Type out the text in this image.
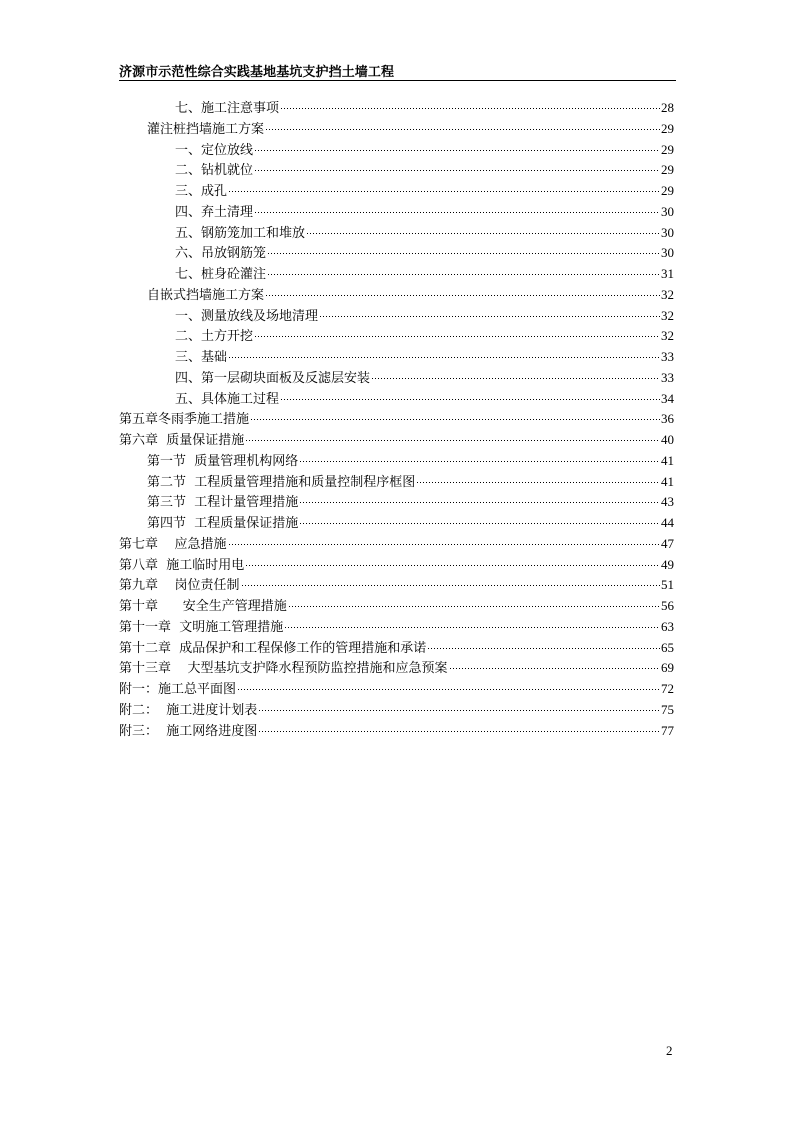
济源市示范性综合实践基地基坑支护挡土墙工程
七、施工注意事项	28
灌注桩挡墙施工方案	29
一、定位放线	29
二、钻机就位	29
三、成孔	29
四、弃土清理	30
五、钢筋笼加工和堆放	30
六、吊放钢筋笼	30
七、桩身砼灌注	31
自嵌式挡墙施工方案	32
一、测量放线及场地清理	32
二、土方开挖	32
三、基础	33
四、第一层砌块面板及反滤层安装	33
五、具体施工过程	34
第五章冬雨季施工措施	36
第六章  质量保证措施	40
第一节  质量管理机构网络	41
第二节  工程质量管理措施和质量控制程序框图	41
第三节  工程计量管理措施	43
第四节  工程质量保证措施	44
第七章    应急措施	47
第八章  施工临时用电	49
第九章    岗位责任制	51
第十章      安全生产管理措施	56
第十一章  文明施工管理措施	63
第十二章  成品保护和工程保修工作的管理措施和承诺	65
第十三章    大型基坑支护降水程预防监控措施和应急预案	69
附一：施工总平面图	72
附二：  施工进度计划表	75
附三：  施工网络进度图	77
2
